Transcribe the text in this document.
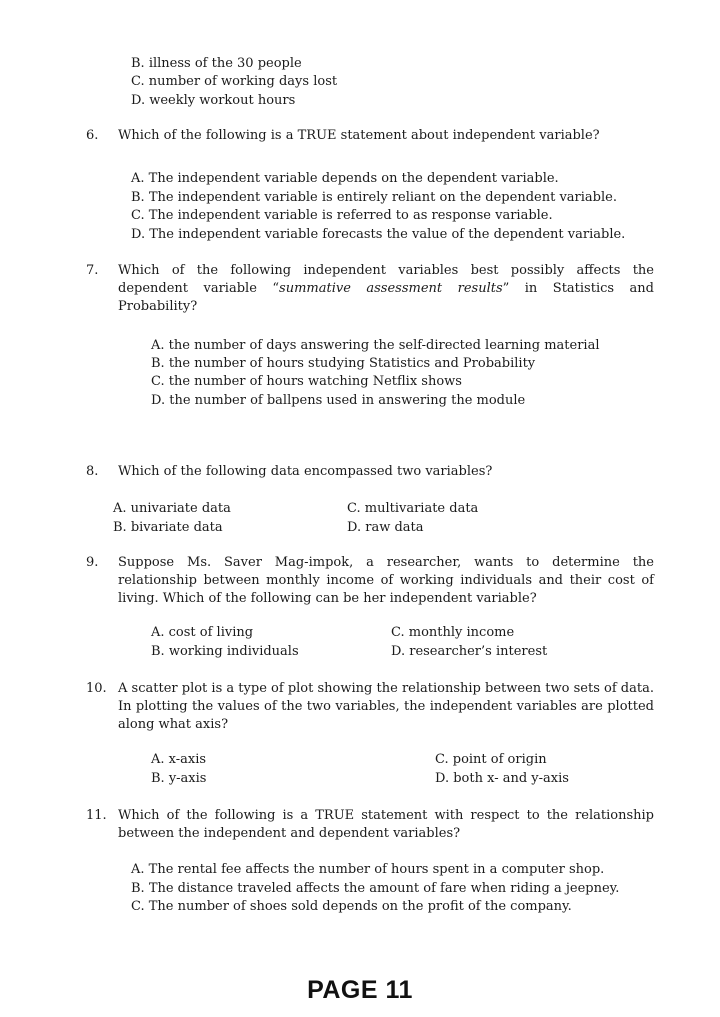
B. illness of the 30 people
C. number of working days lost
D. weekly workout hours
6. Which of the following is a TRUE statement about independent variable?
A. The independent variable depends on the dependent variable.
B. The independent variable is entirely reliant on the dependent variable.
C. The independent variable is referred to as response variable.
D. The independent variable forecasts the value of the dependent variable.
7. Which of the following independent variables best possibly affects the dependent variable “summative assessment results” in Statistics and Probability?
A. the number of days answering the self-directed learning material
B. the number of hours studying Statistics and Probability
C. the number of hours watching Netflix shows
D. the number of ballpens used in answering the module
8. Which of the following data encompassed two variables?
A. univariate data	C. multivariate data
B. bivariate data	D. raw data
9. Suppose Ms. Saver Mag-impok, a researcher, wants to determine the relationship between monthly income of working individuals and their cost of living. Which of the following can be her independent variable?
A. cost of living	C. monthly income
B. working individuals	D. researcher’s interest
10. A scatter plot is a type of plot showing the relationship between two sets of data. In plotting the values of the two variables, the independent variables are plotted along what axis?
A. x-axis	C. point of origin
B. y-axis	D. both x- and y-axis
11. Which of the following is a TRUE statement with respect to the relationship between the independent and dependent variables?
A. The rental fee affects the number of hours spent in a computer shop.
B. The distance traveled affects the amount of fare when riding a jeepney.
C. The number of shoes sold depends on the profit of the company.
PAGE 11
